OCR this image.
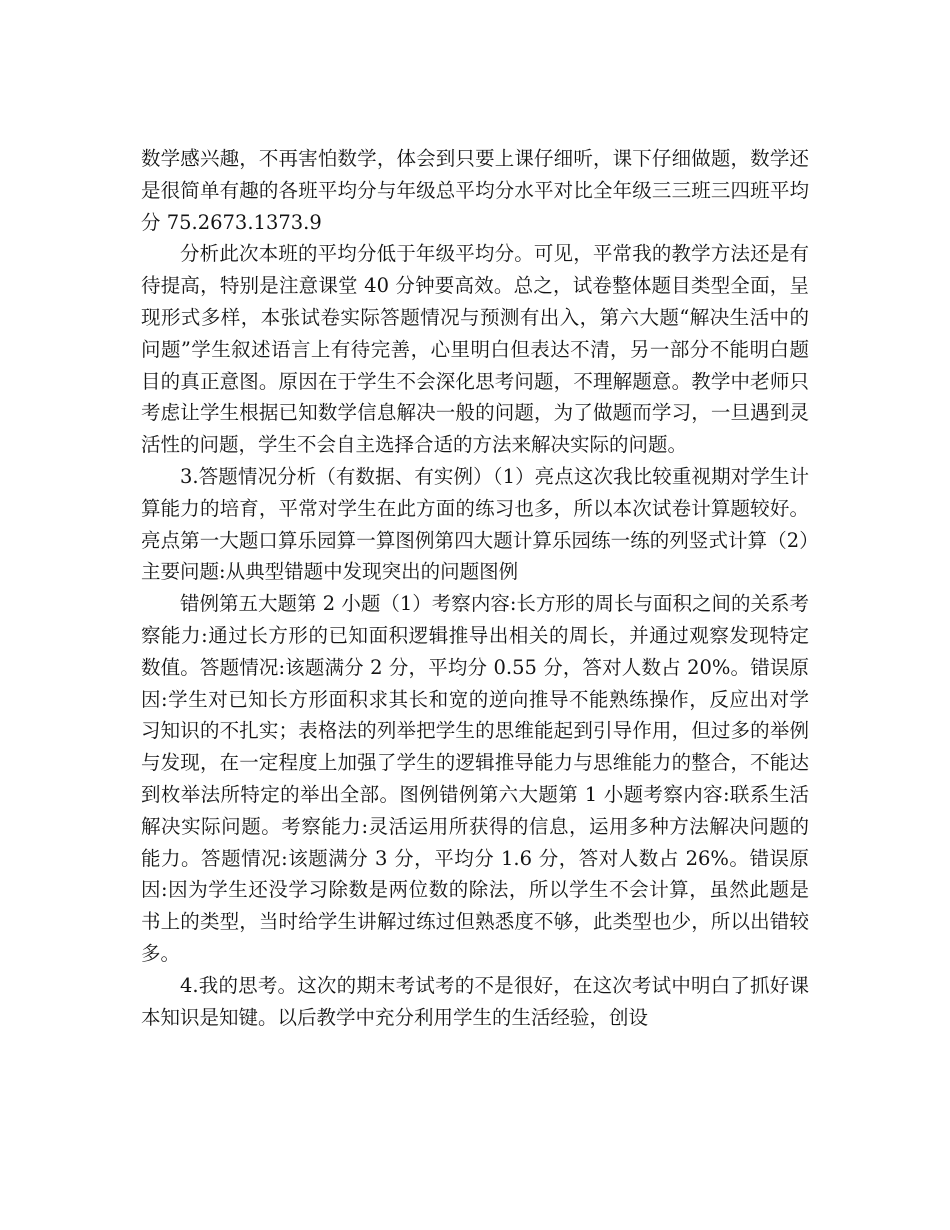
数学感兴趣，不再害怕数学，体会到只要上课仔细听，课下仔细做题，数学还是很简单有趣的各班平均分与年级总平均分水平对比全年级三三班三四班平均分 75.2673.1373.9

分析此次本班的平均分低于年级平均分。可见，平常我的教学方法还是有待提高，特别是注意课堂 40 分钟要高效。总之，试卷整体题目类型全面，呈现形式多样，本张试卷实际答题情况与预测有出入，第六大题“解决生活中的问题”学生叙述语言上有待完善，心里明白但表达不清，另一部分不能明白题目的真正意图。原因在于学生不会深化思考问题，不理解题意。教学中老师只考虑让学生根据已知数学信息解决一般的问题，为了做题而学习，一旦遇到灵活性的问题，学生不会自主选择合适的方法来解决实际的问题。

3.答题情况分析（有数据、有实例）（1）亮点这次我比较重视期对学生计算能力的培育，平常对学生在此方面的练习也多，所以本次试卷计算题较好。亮点第一大题口算乐园算一算图例第四大题计算乐园练一练的列竖式计算（2）主要问题:从典型错题中发现突出的问题图例

错例第五大题第 2 小题（1）考察内容:长方形的周长与面积之间的关系考察能力:通过长方形的已知面积逻辑推导出相关的周长，并通过观察发现特定数值。答题情况:该题满分 2 分，平均分 0.55 分，答对人数占 20%。错误原因:学生对已知长方形面积求其长和宽的逆向推导不能熟练操作，反应出对学习知识的不扎实；表格法的列举把学生的思维能起到引导作用，但过多的举例与发现，在一定程度上加强了学生的逻辑推导能力与思维能力的整合，不能达到枚举法所特定的举出全部。图例错例第六大题第 1 小题考察内容:联系生活解决实际问题。考察能力:灵活运用所获得的信息，运用多种方法解决问题的能力。答题情况:该题满分 3 分，平均分 1.6 分，答对人数占 26%。错误原因:因为学生还没学习除数是两位数的除法，所以学生不会计算，虽然此题是书上的类型，当时给学生讲解过练过但熟悉度不够，此类型也少，所以出错较多。

4.我的思考。这次的期末考试考的不是很好，在这次考试中明白了抓好课本知识是知键。以后教学中充分利用学生的生活经验，创设
